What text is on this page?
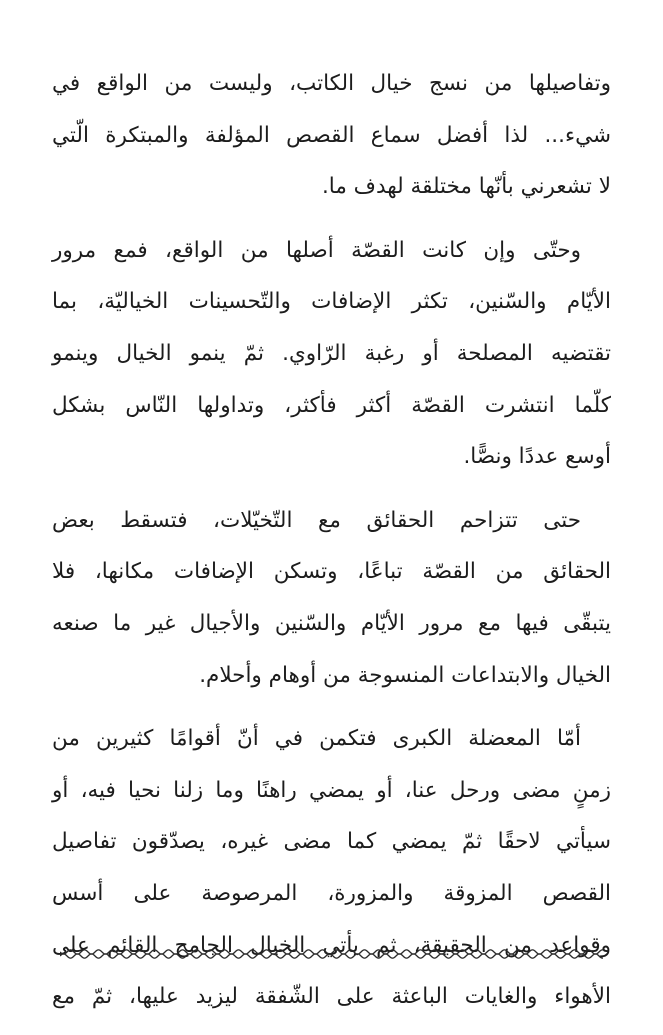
وتفاصيلها من نسج خيال الكاتب، وليست من الواقع في
شيء... لذا أفضل سماع القصص المؤلفة والمبتكرة الّتي
لا تشعرني بأنّها مختلقة لهدف ما.
وحتّى وإن كانت القصّة أصلها من الواقع، فمع مرور
الأيّام والسّنين، تكثر الإضافات والتّحسينات الخياليّة، بما
تقتضيه المصلحة أو رغبة الرّاوي. ثمّ ينمو الخيال وينمو
كلّما انتشرت القصّة أكثر فأكثر، وتداولها النّاس بشكل
أوسع عددًا ونصًّا.
حتى تتزاحم الحقائق مع التّخيّلات، فتسقط بعض
الحقائق من القصّة تباعًا، وتسكن الإضافات مكانها، فلا
يتبقّى فيها مع مرور الأيّام والسّنين والأجيال غير ما صنعه
الخيال والابتداعات المنسوجة من أوهام وأحلام.
أمّا المعضلة الكبرى فتكمن في أنّ أقوامًا كثيرين من
زمنٍ مضى ورحل عنا، أو يمضي راهنًا وما زلنا نحيا فيه، أو
سيأتي لاحقًا ثمّ يمضي كما مضى غيره، يصدّقون تفاصيل
القصص المزوقة والمزورة، المرصوصة على أسس
وقواعد من الحقيقة، ثم يأتي الخيال الجامح القائم على
الأهواء والغايات الباعثة على الشّفقة ليزيد عليها، ثمّ مع
